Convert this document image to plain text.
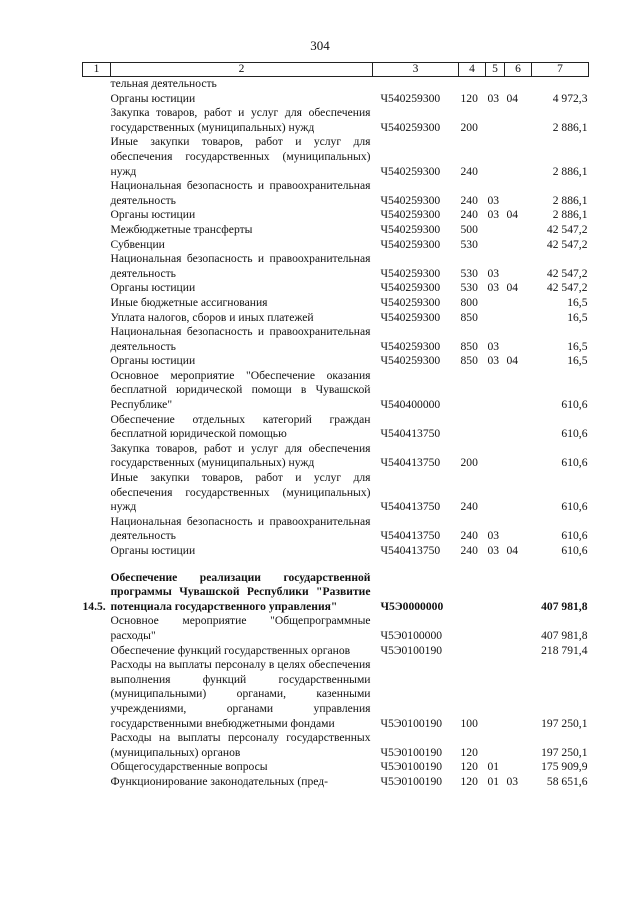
304
1	2	3	4	5	6	7
	тельная деятельность					
	Органы юстиции	Ч540259300	120	03	04	4 972,3
	Закупка товаров, работ и услуг для обеспечения государственных (муниципальных) нужд	Ч540259300	200			2 886,1
	Иные закупки товаров, работ и услуг для обеспечения государственных (муниципальных) нужд	Ч540259300	240			2 886,1
	Национальная безопасность и правоохранительная деятельность	Ч540259300	240	03		2 886,1
	Органы юстиции	Ч540259300	240	03	04	2 886,1
	Межбюджетные трансферты	Ч540259300	500			42 547,2
	Субвенции	Ч540259300	530			42 547,2
	Национальная безопасность и правоохранительная деятельность	Ч540259300	530	03		42 547,2
	Органы юстиции	Ч540259300	530	03	04	42 547,2
	Иные бюджетные ассигнования	Ч540259300	800			16,5
	Уплата налогов, сборов и иных платежей	Ч540259300	850			16,5
	Национальная безопасность и правоохранительная деятельность	Ч540259300	850	03		16,5
	Органы юстиции	Ч540259300	850	03	04	16,5
	Основное мероприятие "Обеспечение оказания бесплатной юридической помощи в Чувашской Республике"	Ч540400000				610,6
	Обеспечение отдельных категорий граждан бесплатной юридической помощью	Ч540413750				610,6
	Закупка товаров, работ и услуг для обеспечения государственных (муниципальных) нужд	Ч540413750	200			610,6
	Иные закупки товаров, работ и услуг для обеспечения государственных (муниципальных) нужд	Ч540413750	240			610,6
	Национальная безопасность и правоохранительная деятельность	Ч540413750	240	03		610,6
	Органы юстиции	Ч540413750	240	03	04	610,6

14.5.	Обеспечение реализации государственной программы Чувашской Республики "Развитие потенциала государственного управления"	Ч5Э0000000				407 981,8
	Основное мероприятие "Общепрограммные расходы"	Ч5Э0100000				407 981,8
	Обеспечение функций государственных органов	Ч5Э0100190				218 791,4
	Расходы на выплаты персоналу в целях обеспечения выполнения функций государственными (муниципальными) органами, казенными учреждениями, органами управления государственными внебюджетными фондами	Ч5Э0100190	100			197 250,1
	Расходы на выплаты персоналу государственных (муниципальных) органов	Ч5Э0100190	120			197 250,1
	Общегосударственные вопросы	Ч5Э0100190	120	01		175 909,9
	Функционирование законодательных (пред-	Ч5Э0100190	120	01	03	58 651,6
